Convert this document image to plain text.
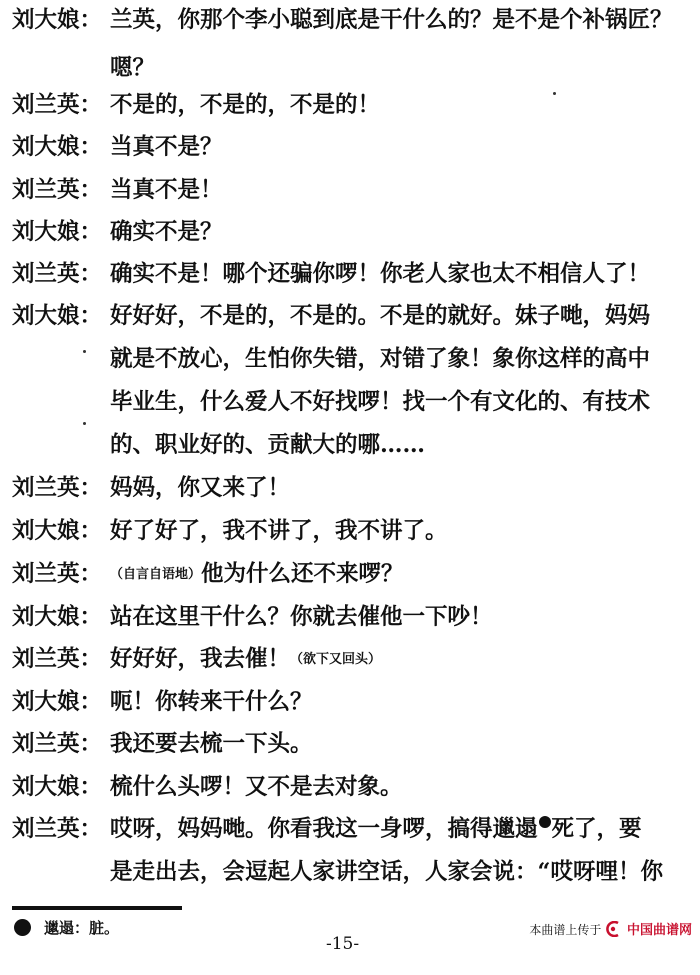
刘大娘： 兰英，你那个李小聪到底是干什么的？是不是个补锅匠？
嗯？
刘兰英： 不是的，不是的，不是的！
刘大娘： 当真不是？
刘兰英： 当真不是！
刘大娘： 确实不是？
刘兰英： 确实不是！哪个还骗你啰！你老人家也太不相信人了！
刘大娘： 好好好，不是的，不是的。不是的就好。妹子哋，妈妈
就是不放心，生怕你失错，对错了象！象你这样的高中
毕业生，什么爱人不好找啰！找一个有文化的、有技术
的、职业好的、贡献大的哪……
刘兰英： 妈妈，你又来了！
刘大娘： 好了好了，我不讲了，我不讲了。
刘兰英： （自言自语地）他为什么还不来啰？
刘大娘： 站在这里干什么？你就去催他一下吵！
刘兰英： 好好好，我去催！（欲下又回头）
刘大娘： 呃！你转来干什么？
刘兰英： 我还要去梳一下头。
刘大娘： 梳什么头啰！又不是去对象。
刘兰英： 哎呀，妈妈哋。你看我这一身啰，搞得邋遢 死了，要
是走出去，会逗起人家讲空话，人家会说：“哎呀哩！你
邋遢：脏。
-15-
本曲谱上传于 中国曲谱网
